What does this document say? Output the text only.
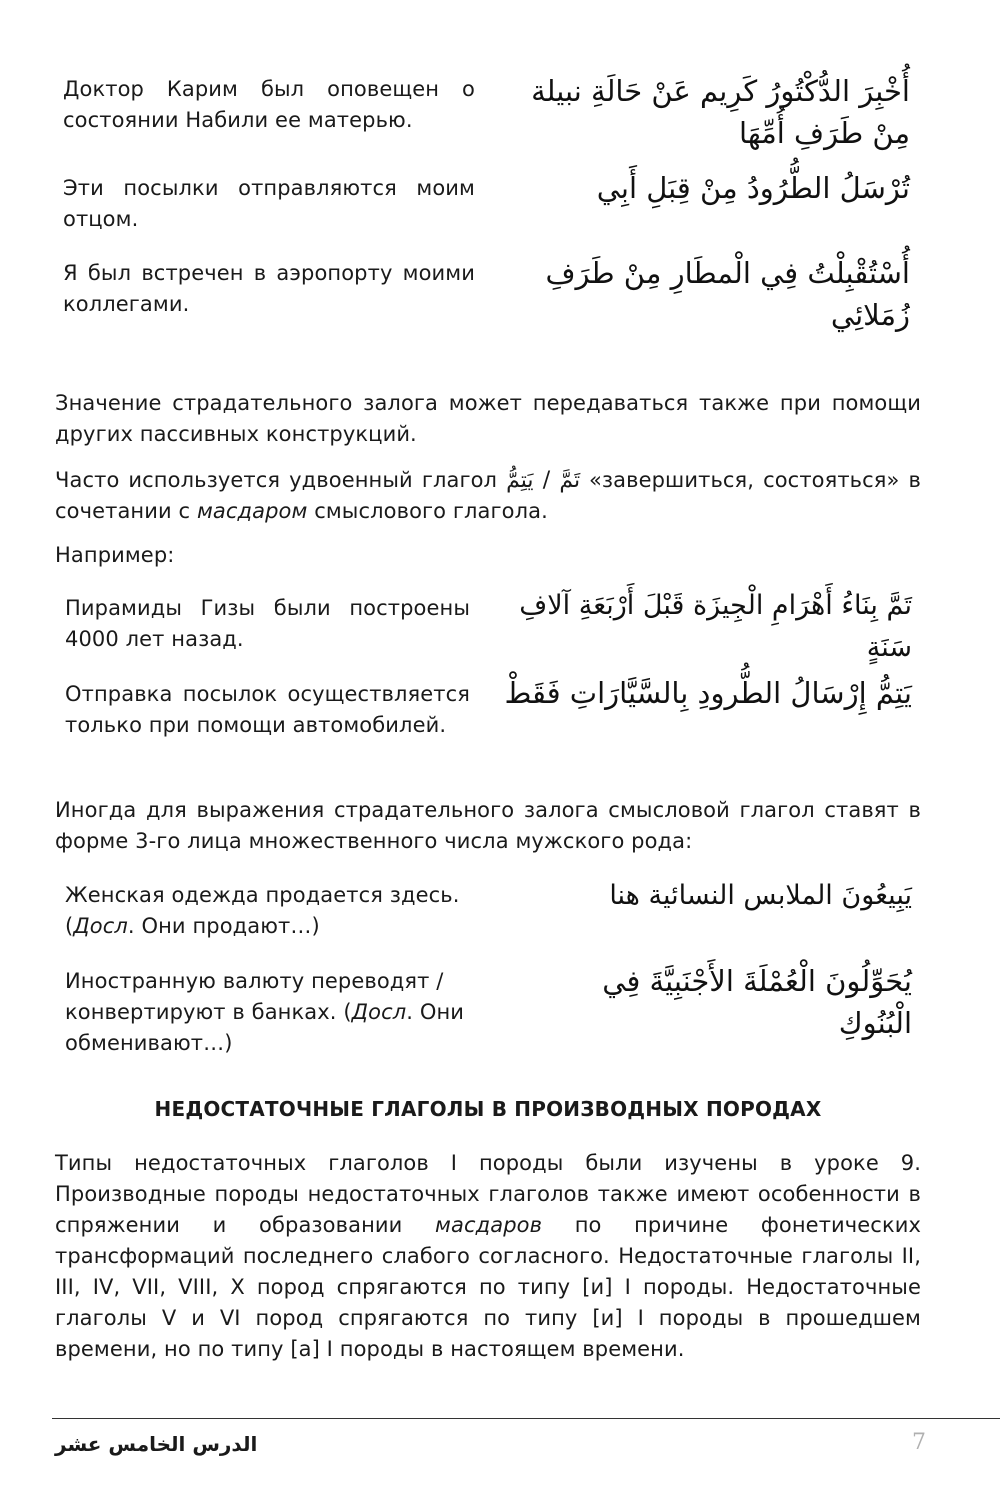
Доктор Карим был оповещен о состоянии Набили ее матерью.
أُخْبِرَ الدُّكْتُورُ كَرِيم عَنْ حَالَةِ نبيلة مِنْ طَرَفِ أُمِّهَا
Эти посылки отправляются моим отцом.
تُرْسَلُ الطُّرُودُ مِنْ قِبَلِ أَبِي
Я был встречен в аэропорту моими коллегами.
أُسْتُقْبِلْتُ فِي الْمطَارِ مِنْ طَرَفِ زُمَلائِي
Значение страдательного залога может передаваться также при помощи других пассивных конструкций.
Часто используется удвоенный глагол تَمَّ / يَتِمُّ «завершиться, состояться» в сочетании с масдаром смыслового глагола.
Например:
Пирамиды Гизы были построены 4000 лет назад.
تَمَّ بِنَاءُ أَهْرَامِ الْجِيزَة قَبْلَ أَرْبَعَةِ آلافِ سَنَةٍ
Отправка посылок осуществляется только при помощи автомобилей.
يَتِمُّ إِرْسَالُ الطُّرودِ بِالسَّيَّارَاتِ فَقَطْ
Иногда для выражения страдательного залога смысловой глагол ставят в форме 3-го лица множественного числа мужского рода:
Женская одежда продается здесь.
(Досл. Они продают…)
يَبِيعُونَ الملابس النسائية هنا
Иностранную валюту переводят / конвертируют в банках. (Досл. Они обменивают…)
يُحَوِّلُونَ الْعُمْلَةَ الأَجْنَبِيَّةَ فِي الْبُنُوكِ
НЕДОСТАТОЧНЫЕ ГЛАГОЛЫ В ПРОИЗВОДНЫХ ПОРОДАХ
Типы недостаточных глаголов I породы были изучены в уроке 9. Производные породы недостаточных глаголов также имеют особенности в спряжении и образовании масдаров по причине фонетических трансформаций последнего слабого согласного. Недостаточные глаголы II, III, IV, VII, VIII, X пород спрягаются по типу [и] I породы. Недостаточные глаголы V и VI пород спрягаются по типу [и] I породы в прошедшем времени, но по типу [а] I породы в настоящем времени.
الدرس الخامس عشر	7
